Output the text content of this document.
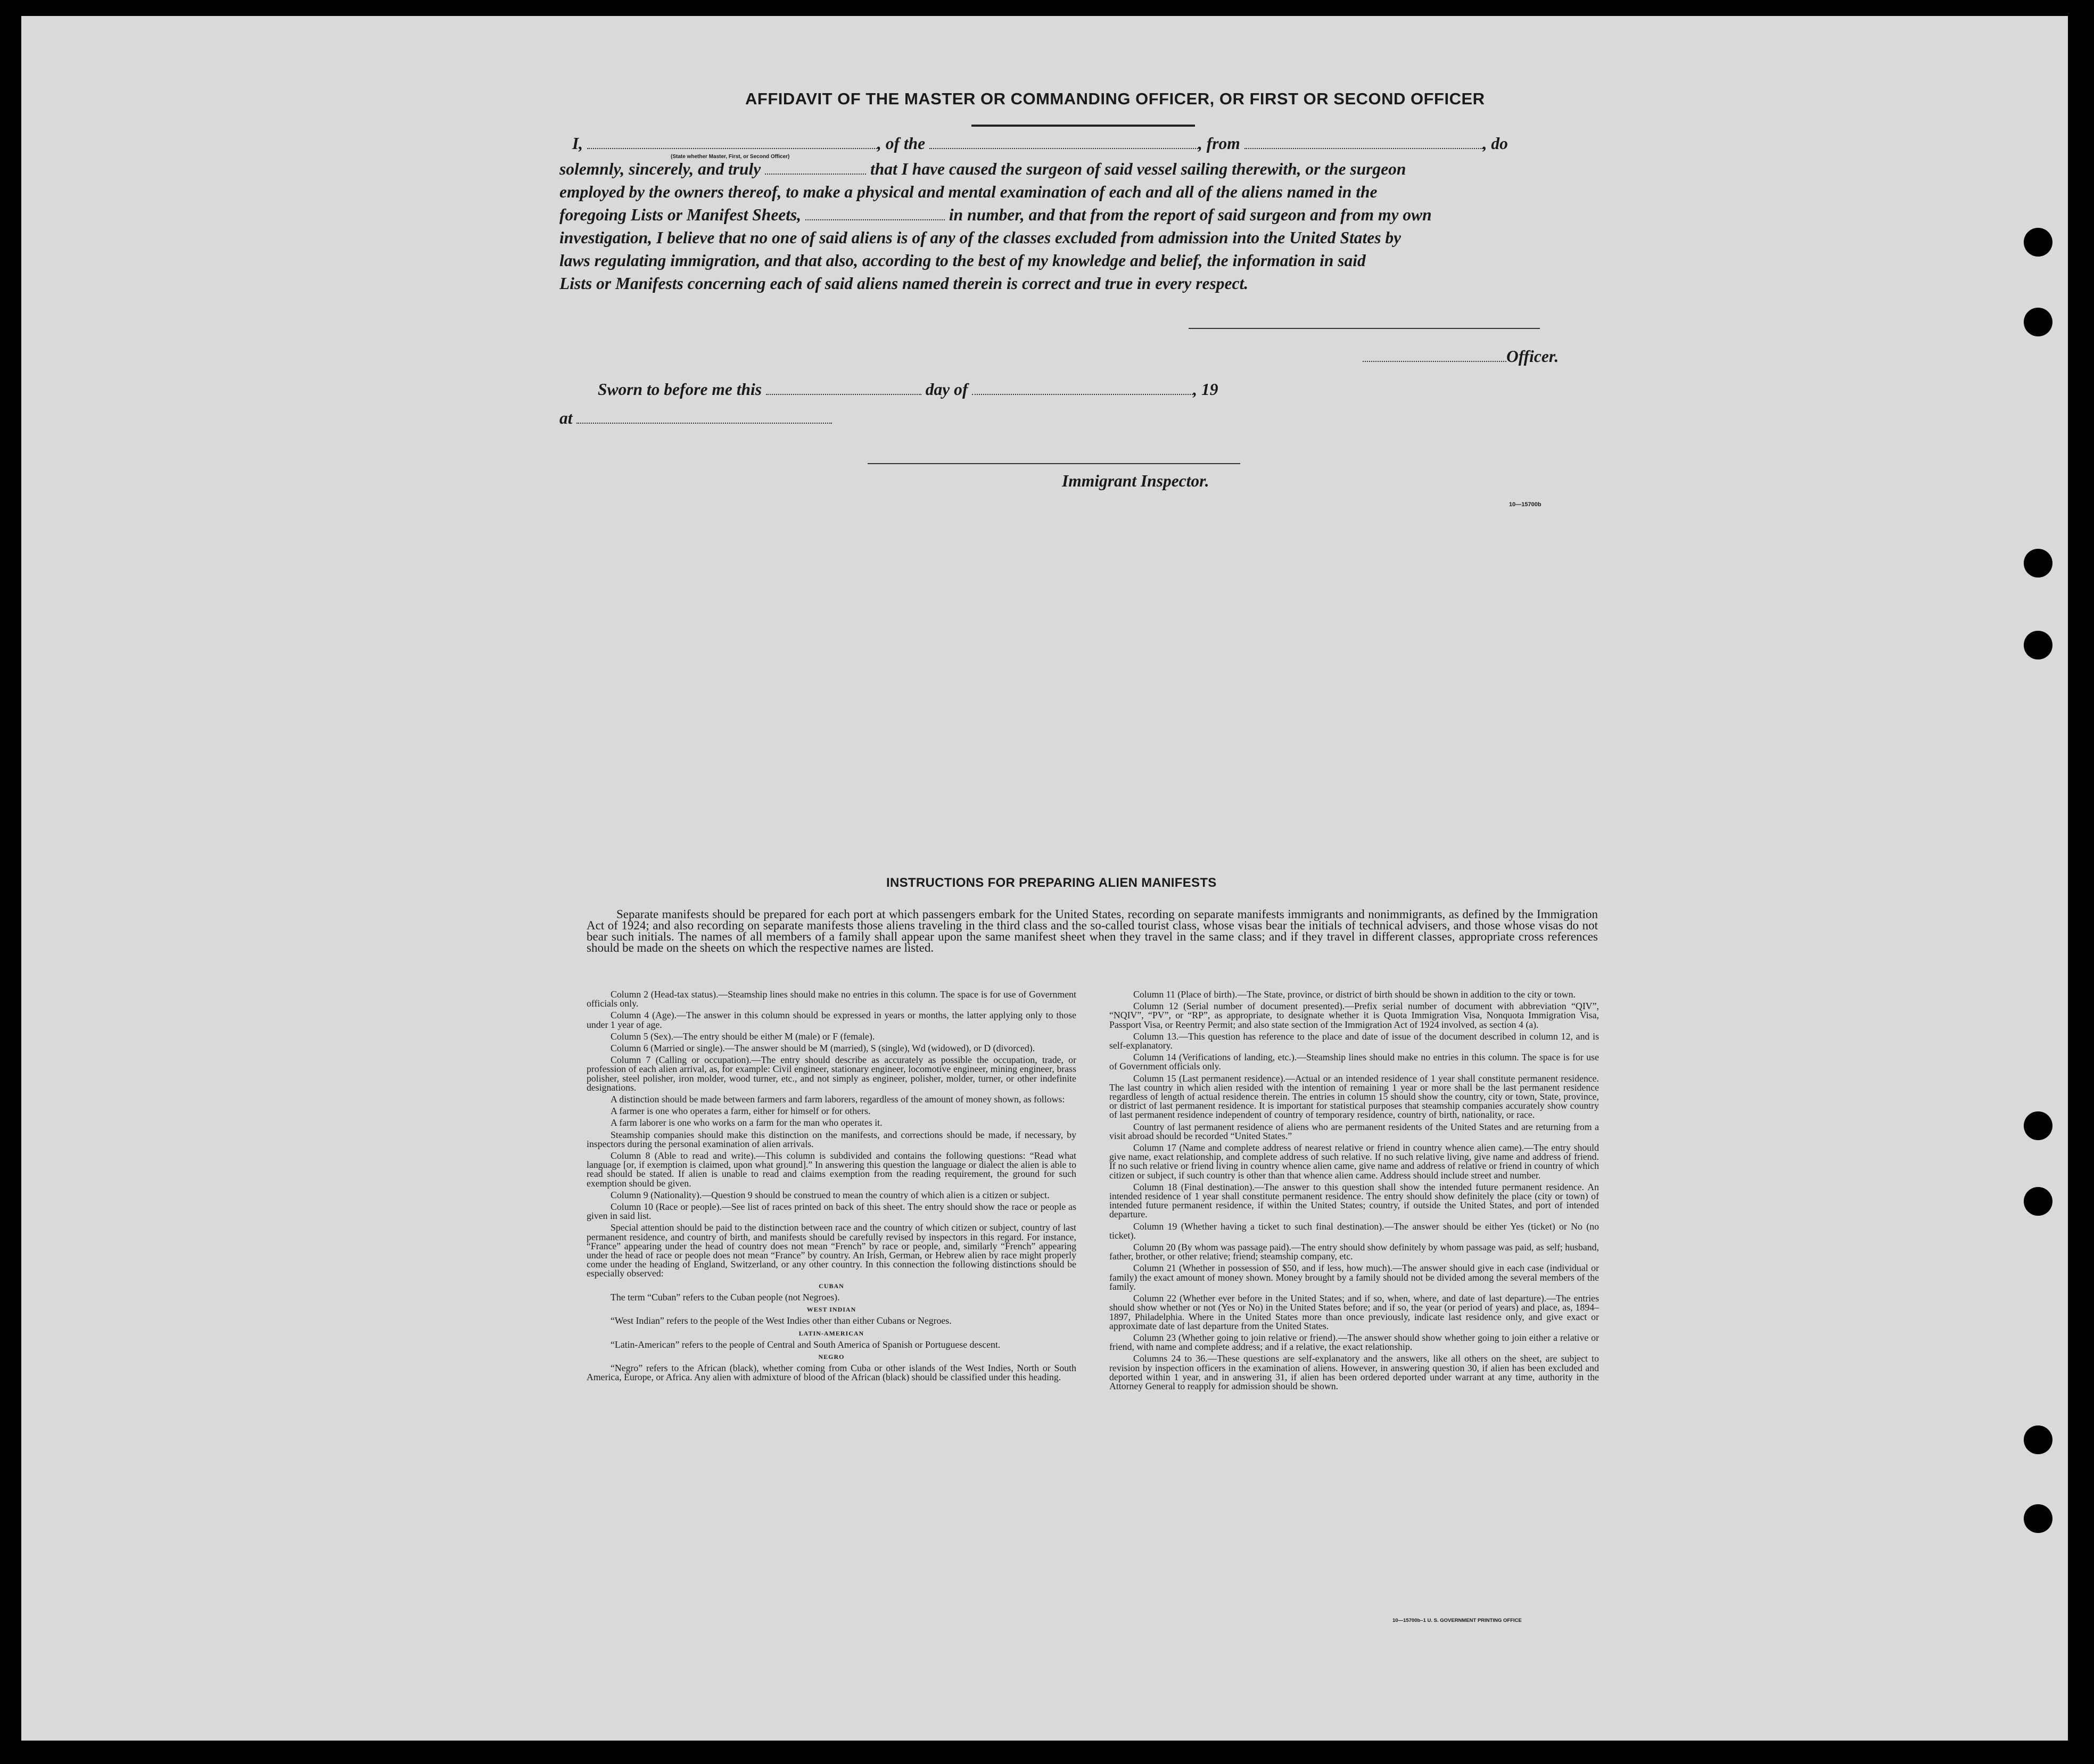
AFFIDAVIT OF THE MASTER OR COMMANDING OFFICER, OR FIRST OR SECOND OFFICER
I,	, of the	, from	, do
(State whether Master, First, or Second Officer)
solemnly, sincerely, and truly	that I have caused the surgeon of said vessel sailing therewith, or the surgeon
employed by the owners thereof, to make a physical and mental examination of each and all of the aliens named in the
foregoing Lists or Manifest Sheets,	in number, and that from the report of said surgeon and from my own
investigation, I believe that no one of said aliens is of any of the classes excluded from admission into the United States by
laws regulating immigration, and that also, according to the best of my knowledge and belief, the information in said
Lists or Manifests concerning each of said aliens named therein is correct and true in every respect.
Officer.
Sworn to before me this	day of	, 19
at
Immigrant Inspector.
10—15700b
INSTRUCTIONS FOR PREPARING ALIEN MANIFESTS

Separate manifests should be prepared for each port at which passengers embark for the United States, recording on separate manifests immigrants and nonimmigrants, as defined by the Immigration Act of 1924; and also recording on separate manifests those aliens traveling in the third class and the so-called tourist class, whose visas bear the initials of technical advisers, and those whose visas do not bear such initials. The names of all members of a family shall appear upon the same manifest sheet when they travel in the same class; and if they travel in different classes, appropriate cross references should be made on the sheets on which the respective names are listed.

Column 2 (Head-tax status).—Steamship lines should make no entries in this column. The space is for use of Government officials only.

Column 4 (Age).—The answer in this column should be expressed in years or months, the latter applying only to those under 1 year of age.

Column 5 (Sex).—The entry should be either M (male) or F (female).

Column 6 (Married or single).—The answer should be M (married), S (single), Wd (widowed), or D (divorced).

Column 7 (Calling or occupation).—The entry should describe as accurately as possible the occupation, trade, or profession of each alien arrival, as, for example: Civil engineer, stationary engineer, locomotive engineer, mining engineer, brass polisher, steel polisher, iron molder, wood turner, etc., and not simply as engineer, polisher, molder, turner, or other indefinite designations.

A distinction should be made between farmers and farm laborers, regardless of the amount of money shown, as follows:

A farmer is one who operates a farm, either for himself or for others.

A farm laborer is one who works on a farm for the man who operates it.

Steamship companies should make this distinction on the manifests, and corrections should be made, if necessary, by inspectors during the personal examination of alien arrivals.

Column 8 (Able to read and write).—This column is subdivided and contains the following questions: “Read what language [or, if exemption is claimed, upon what ground].” In answering this question the language or dialect the alien is able to read should be stated. If alien is unable to read and claims exemption from the reading requirement, the ground for such exemption should be given.

Column 9 (Nationality).—Question 9 should be construed to mean the country of which alien is a citizen or subject.

Column 10 (Race or people).—See list of races printed on back of this sheet. The entry should show the race or people as given in said list.

Special attention should be paid to the distinction between race and the country of which citizen or subject, country of last permanent residence, and country of birth, and manifests should be carefully revised by inspectors in this regard. For instance, “France” appearing under the head of country does not mean “French” by race or people, and, similarly “French” appearing under the head of race or people does not mean “France” by country. An Irish, German, or Hebrew alien by race might properly come under the heading of England, Switzerland, or any other country. In this connection the following distinctions should be especially observed:

CUBAN

The term “Cuban” refers to the Cuban people (not Negroes).

WEST INDIAN

“West Indian” refers to the people of the West Indies other than either Cubans or Negroes.

LATIN-AMERICAN

“Latin-American” refers to the people of Central and South America of Spanish or Portuguese descent.

NEGRO

“Negro” refers to the African (black), whether coming from Cuba or other islands of the West Indies, North or South America, Europe, or Africa. Any alien with admixture of blood of the African (black) should be classified under this heading.

Column 11 (Place of birth).—The State, province, or district of birth should be shown in addition to the city or town.

Column 12 (Serial number of document presented).—Prefix serial number of document with abbreviation “QIV”, “NQIV”, “PV”, or “RP”, as appropriate, to designate whether it is Quota Immigration Visa, Nonquota Immigration Visa, Passport Visa, or Reentry Permit; and also state section of the Immigration Act of 1924 involved, as section 4 (a).

Column 13.—This question has reference to the place and date of issue of the document described in column 12, and is self-explanatory.

Column 14 (Verifications of landing, etc.).—Steamship lines should make no entries in this column. The space is for use of Government officials only.

Column 15 (Last permanent residence).—Actual or an intended residence of 1 year shall constitute permanent residence. The last country in which alien resided with the intention of remaining 1 year or more shall be the last permanent residence regardless of length of actual residence therein. The entries in column 15 should show the country, city or town, State, province, or district of last permanent residence. It is important for statistical purposes that steamship companies accurately show country of last permanent residence independent of country of temporary residence, country of birth, nationality, or race.

Country of last permanent residence of aliens who are permanent residents of the United States and are returning from a visit abroad should be recorded “United States.”

Column 17 (Name and complete address of nearest relative or friend in country whence alien came).—The entry should give name, exact relationship, and complete address of such relative. If no such relative living, give name and address of friend. If no such relative or friend living in country whence alien came, give name and address of relative or friend in country of which citizen or subject, if such country is other than that whence alien came. Address should include street and number.

Column 18 (Final destination).—The answer to this question shall show the intended future permanent residence. An intended residence of 1 year shall constitute permanent residence. The entry should show definitely the place (city or town) of intended future permanent residence, if within the United States; country, if outside the United States, and port of intended departure.

Column 19 (Whether having a ticket to such final destination).—The answer should be either Yes (ticket) or No (no ticket).

Column 20 (By whom was passage paid).—The entry should show definitely by whom passage was paid, as self; husband, father, brother, or other relative; friend; steamship company, etc.

Column 21 (Whether in possession of $50, and if less, how much).—The answer should give in each case (individual or family) the exact amount of money shown. Money brought by a family should not be divided among the several members of the family.

Column 22 (Whether ever before in the United States; and if so, when, where, and date of last departure).—The entries should show whether or not (Yes or No) in the United States before; and if so, the year (or period of years) and place, as, 1894–1897, Philadelphia. Where in the United States more than once previously, indicate last residence only, and give exact or approximate date of last departure from the United States.

Column 23 (Whether going to join relative or friend).—The answer should show whether going to join either a relative or friend, with name and complete address; and if a relative, the exact relationship.

Columns 24 to 36.—These questions are self-explanatory and the answers, like all others on the sheet, are subject to revision by inspection officers in the examination of aliens. However, in answering question 30, if alien has been excluded and deported within 1 year, and in answering 31, if alien has been ordered deported under warrant at any time, authority in the Attorney General to reapply for admission should be shown.

10—15700b–1 U. S. GOVERNMENT PRINTING OFFICE
